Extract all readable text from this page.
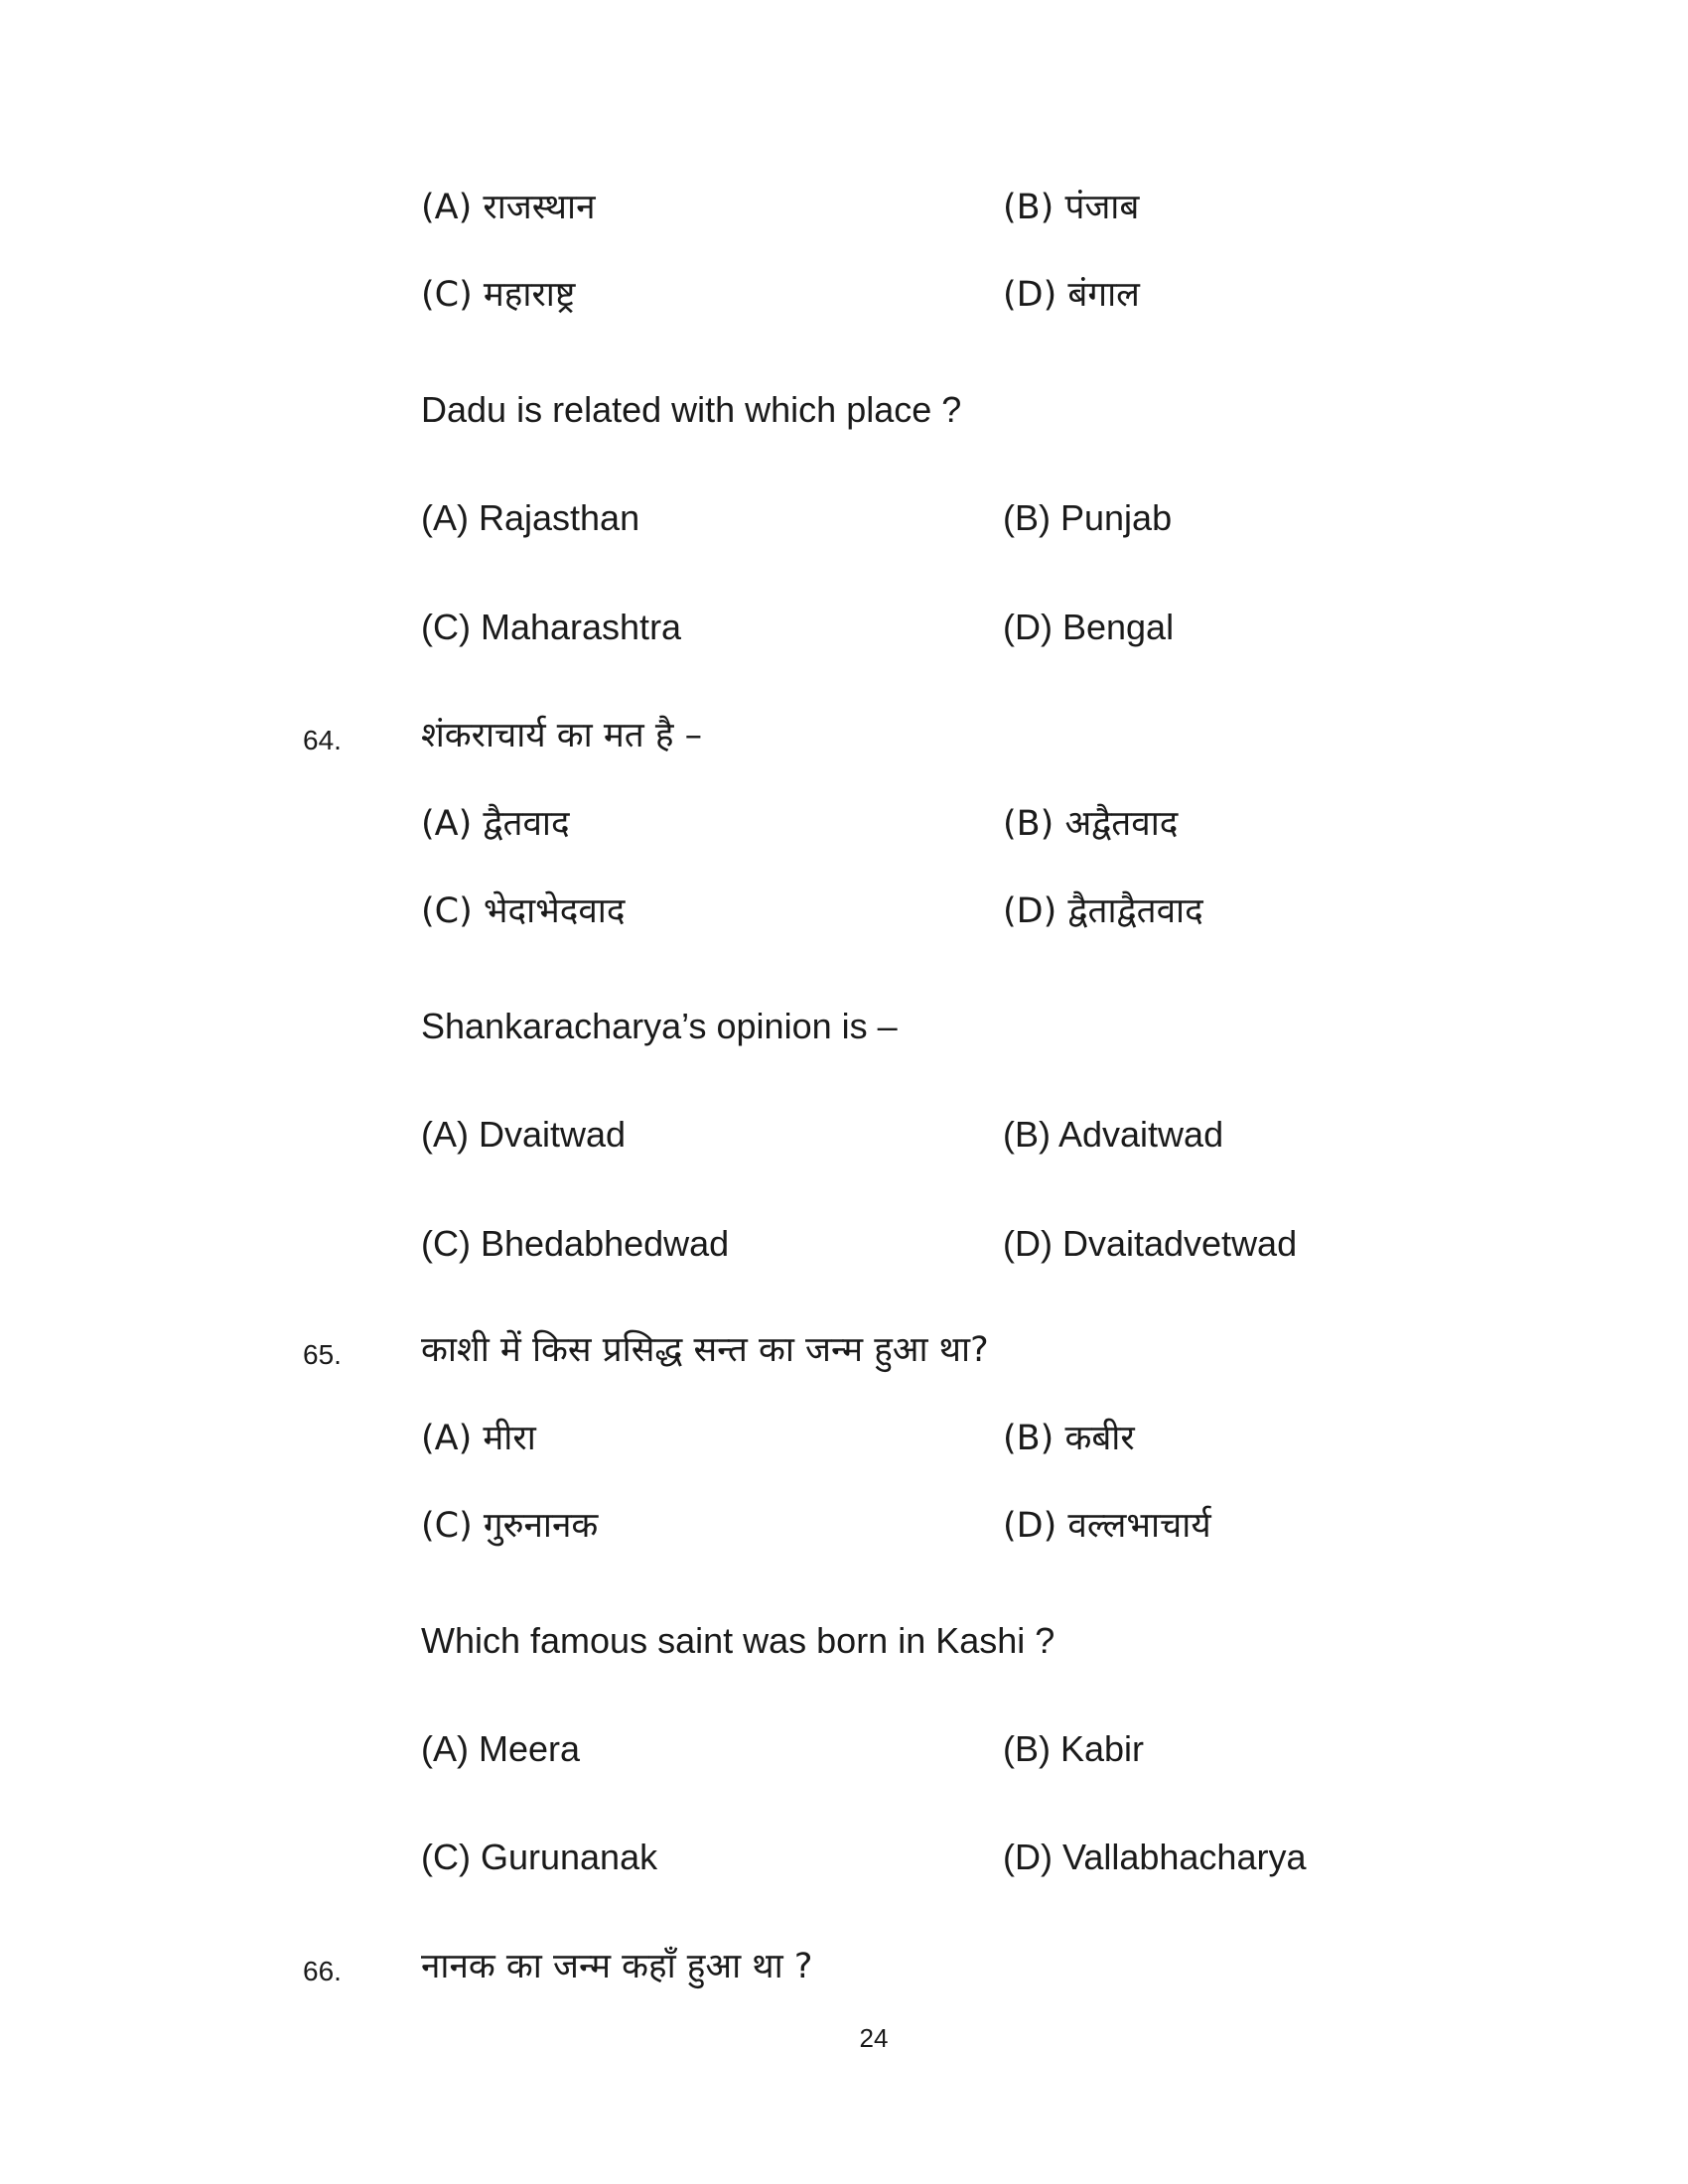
(A) राजस्थान	(B) पंजाब
(C) महाराष्ट्र	(D) बंगाल
Dadu is related with which place ?
(A) Rajasthan	(B) Punjab
(C) Maharashtra	(D) Bengal
64. शंकराचार्य का मत है –
(A) द्वैतवाद	(B) अद्वैतवाद
(C) भेदाभेदवाद	(D) द्वैताद्वैतवाद
Shankaracharya’s opinion is –
(A) Dvaitwad	(B) Advaitwad
(C) Bhedabhedwad	(D) Dvaitadvetwad
65. काशी में किस प्रसिद्ध सन्त का जन्म हुआ था?
(A) मीरा	(B) कबीर
(C) गुरुनानक	(D) वल्लभाचार्य
Which famous saint was born in Kashi ?
(A) Meera	(B) Kabir
(C) Gurunanak	(D) Vallabhacharya
66. नानक का जन्म कहाँ हुआ था ?
24
